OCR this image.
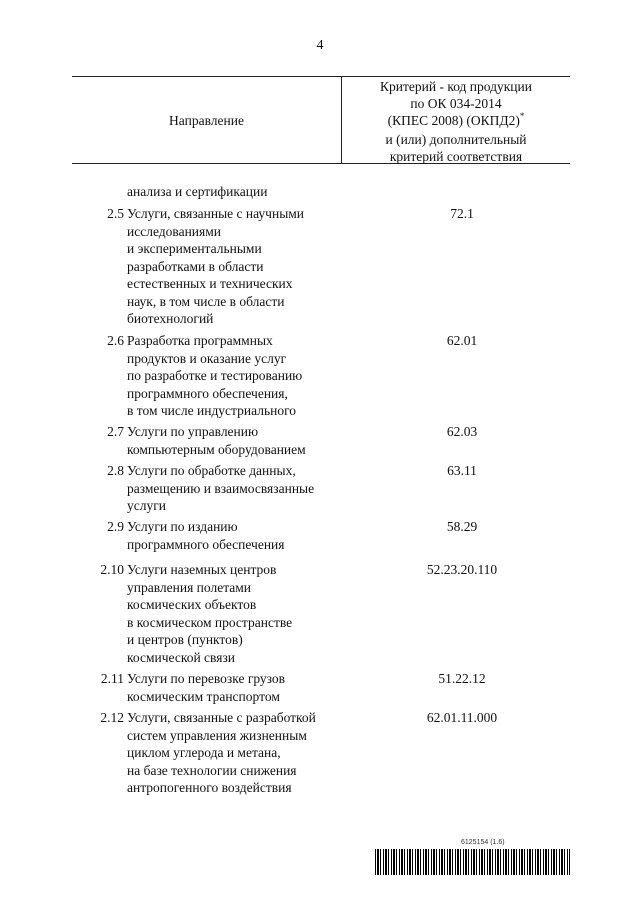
4
Направление
Критерий - код продукции
по ОК 034-2014
(КПЕС 2008) (ОКПД2)*
и (или) дополнительный
критерий соответствия
анализа и сертификации
2.5 Услуги, связанные с научными
исследованиями
и экспериментальными
разработками в области
естественных и технических
наук, в том числе в области
биотехнологий
72.1
2.6 Разработка программных
продуктов и оказание услуг
по разработке и тестированию
программного обеспечения,
в том числе индустриального
62.01
2.7 Услуги по управлению
компьютерным оборудованием
62.03
2.8 Услуги по обработке данных,
размещению и взаимосвязанные
услуги
63.11
2.9 Услуги по изданию
программного обеспечения
58.29
2.10 Услуги наземных центров
управления полетами
космических объектов
в космическом пространстве
и центров (пунктов)
космической связи
52.23.20.110
2.11 Услуги по перевозке грузов
космическим транспортом
51.22.12
2.12 Услуги, связанные с разработкой
систем управления жизненным
циклом углерода и метана,
на базе технологии снижения
антропогенного воздействия
62.01.11.000
6125154 (1.6)
